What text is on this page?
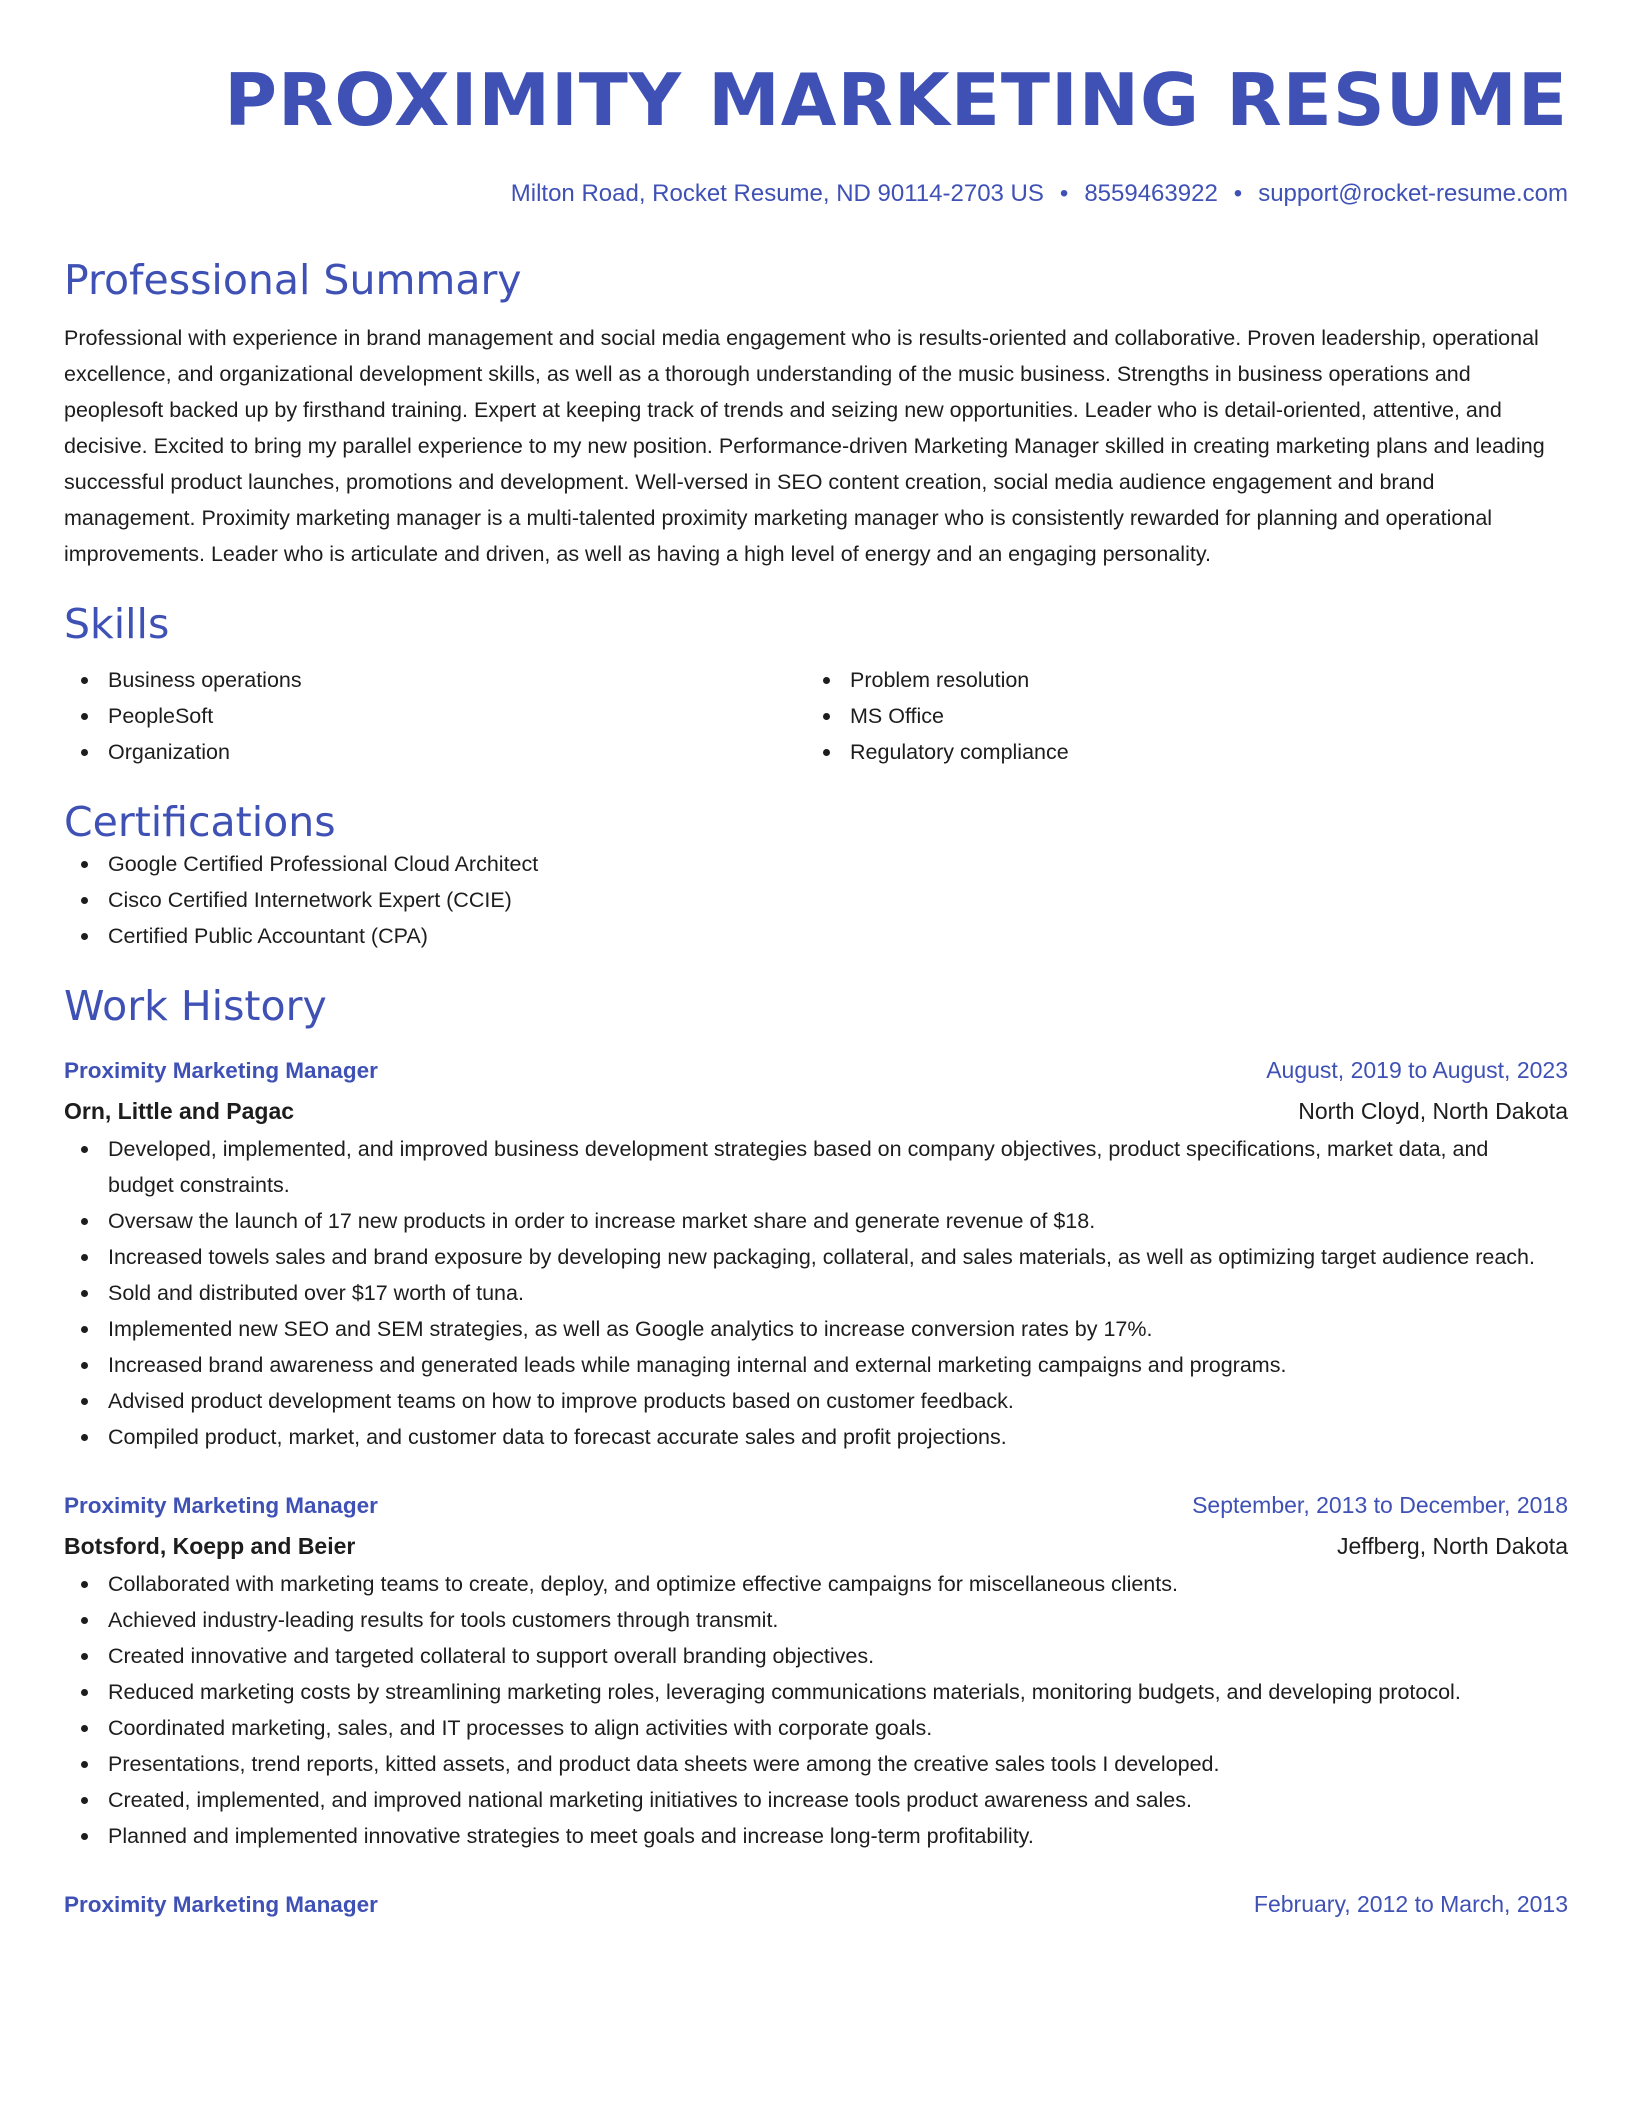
PROXIMITY MARKETING RESUME
Milton Road, Rocket Resume, ND 90114-2703 US • 8559463922 • support@rocket-resume.com
Professional Summary

Professional with experience in brand management and social media engagement who is results-oriented and collaborative. Proven leadership, operational excellence, and organizational development skills, as well as a thorough understanding of the music business. Strengths in business operations and peoplesoft backed up by firsthand training. Expert at keeping track of trends and seizing new opportunities. Leader who is detail-oriented, attentive, and decisive. Excited to bring my parallel experience to my new position. Performance-driven Marketing Manager skilled in creating marketing plans and leading successful product launches, promotions and development. Well-versed in SEO content creation, social media audience engagement and brand management. Proximity marketing manager is a multi-talented proximity marketing manager who is consistently rewarded for planning and operational improvements. Leader who is articulate and driven, as well as having a high level of energy and an engaging personality.

Skills
Business operations
PeopleSoft
Organization
Problem resolution
MS Office
Regulatory compliance
Certifications
Google Certified Professional Cloud Architect
Cisco Certified Internetwork Expert (CCIE)
Certified Public Accountant (CPA)
Work History
Proximity Marketing Manager	August, 2019 to August, 2023
Orn, Little and Pagac	North Cloyd, North Dakota
Developed, implemented, and improved business development strategies based on company objectives, product specifications, market data, and budget constraints.
Oversaw the launch of 17 new products in order to increase market share and generate revenue of $18.
Increased towels sales and brand exposure by developing new packaging, collateral, and sales materials, as well as optimizing target audience reach.
Sold and distributed over $17 worth of tuna.
Implemented new SEO and SEM strategies, as well as Google analytics to increase conversion rates by 17%.
Increased brand awareness and generated leads while managing internal and external marketing campaigns and programs.
Advised product development teams on how to improve products based on customer feedback.
Compiled product, market, and customer data to forecast accurate sales and profit projections.
Proximity Marketing Manager	September, 2013 to December, 2018
Botsford, Koepp and Beier	Jeffberg, North Dakota
Collaborated with marketing teams to create, deploy, and optimize effective campaigns for miscellaneous clients.
Achieved industry-leading results for tools customers through transmit.
Created innovative and targeted collateral to support overall branding objectives.
Reduced marketing costs by streamlining marketing roles, leveraging communications materials, monitoring budgets, and developing protocol.
Coordinated marketing, sales, and IT processes to align activities with corporate goals.
Presentations, trend reports, kitted assets, and product data sheets were among the creative sales tools I developed.
Created, implemented, and improved national marketing initiatives to increase tools product awareness and sales.
Planned and implemented innovative strategies to meet goals and increase long-term profitability.
Proximity Marketing Manager	February, 2012 to March, 2013
